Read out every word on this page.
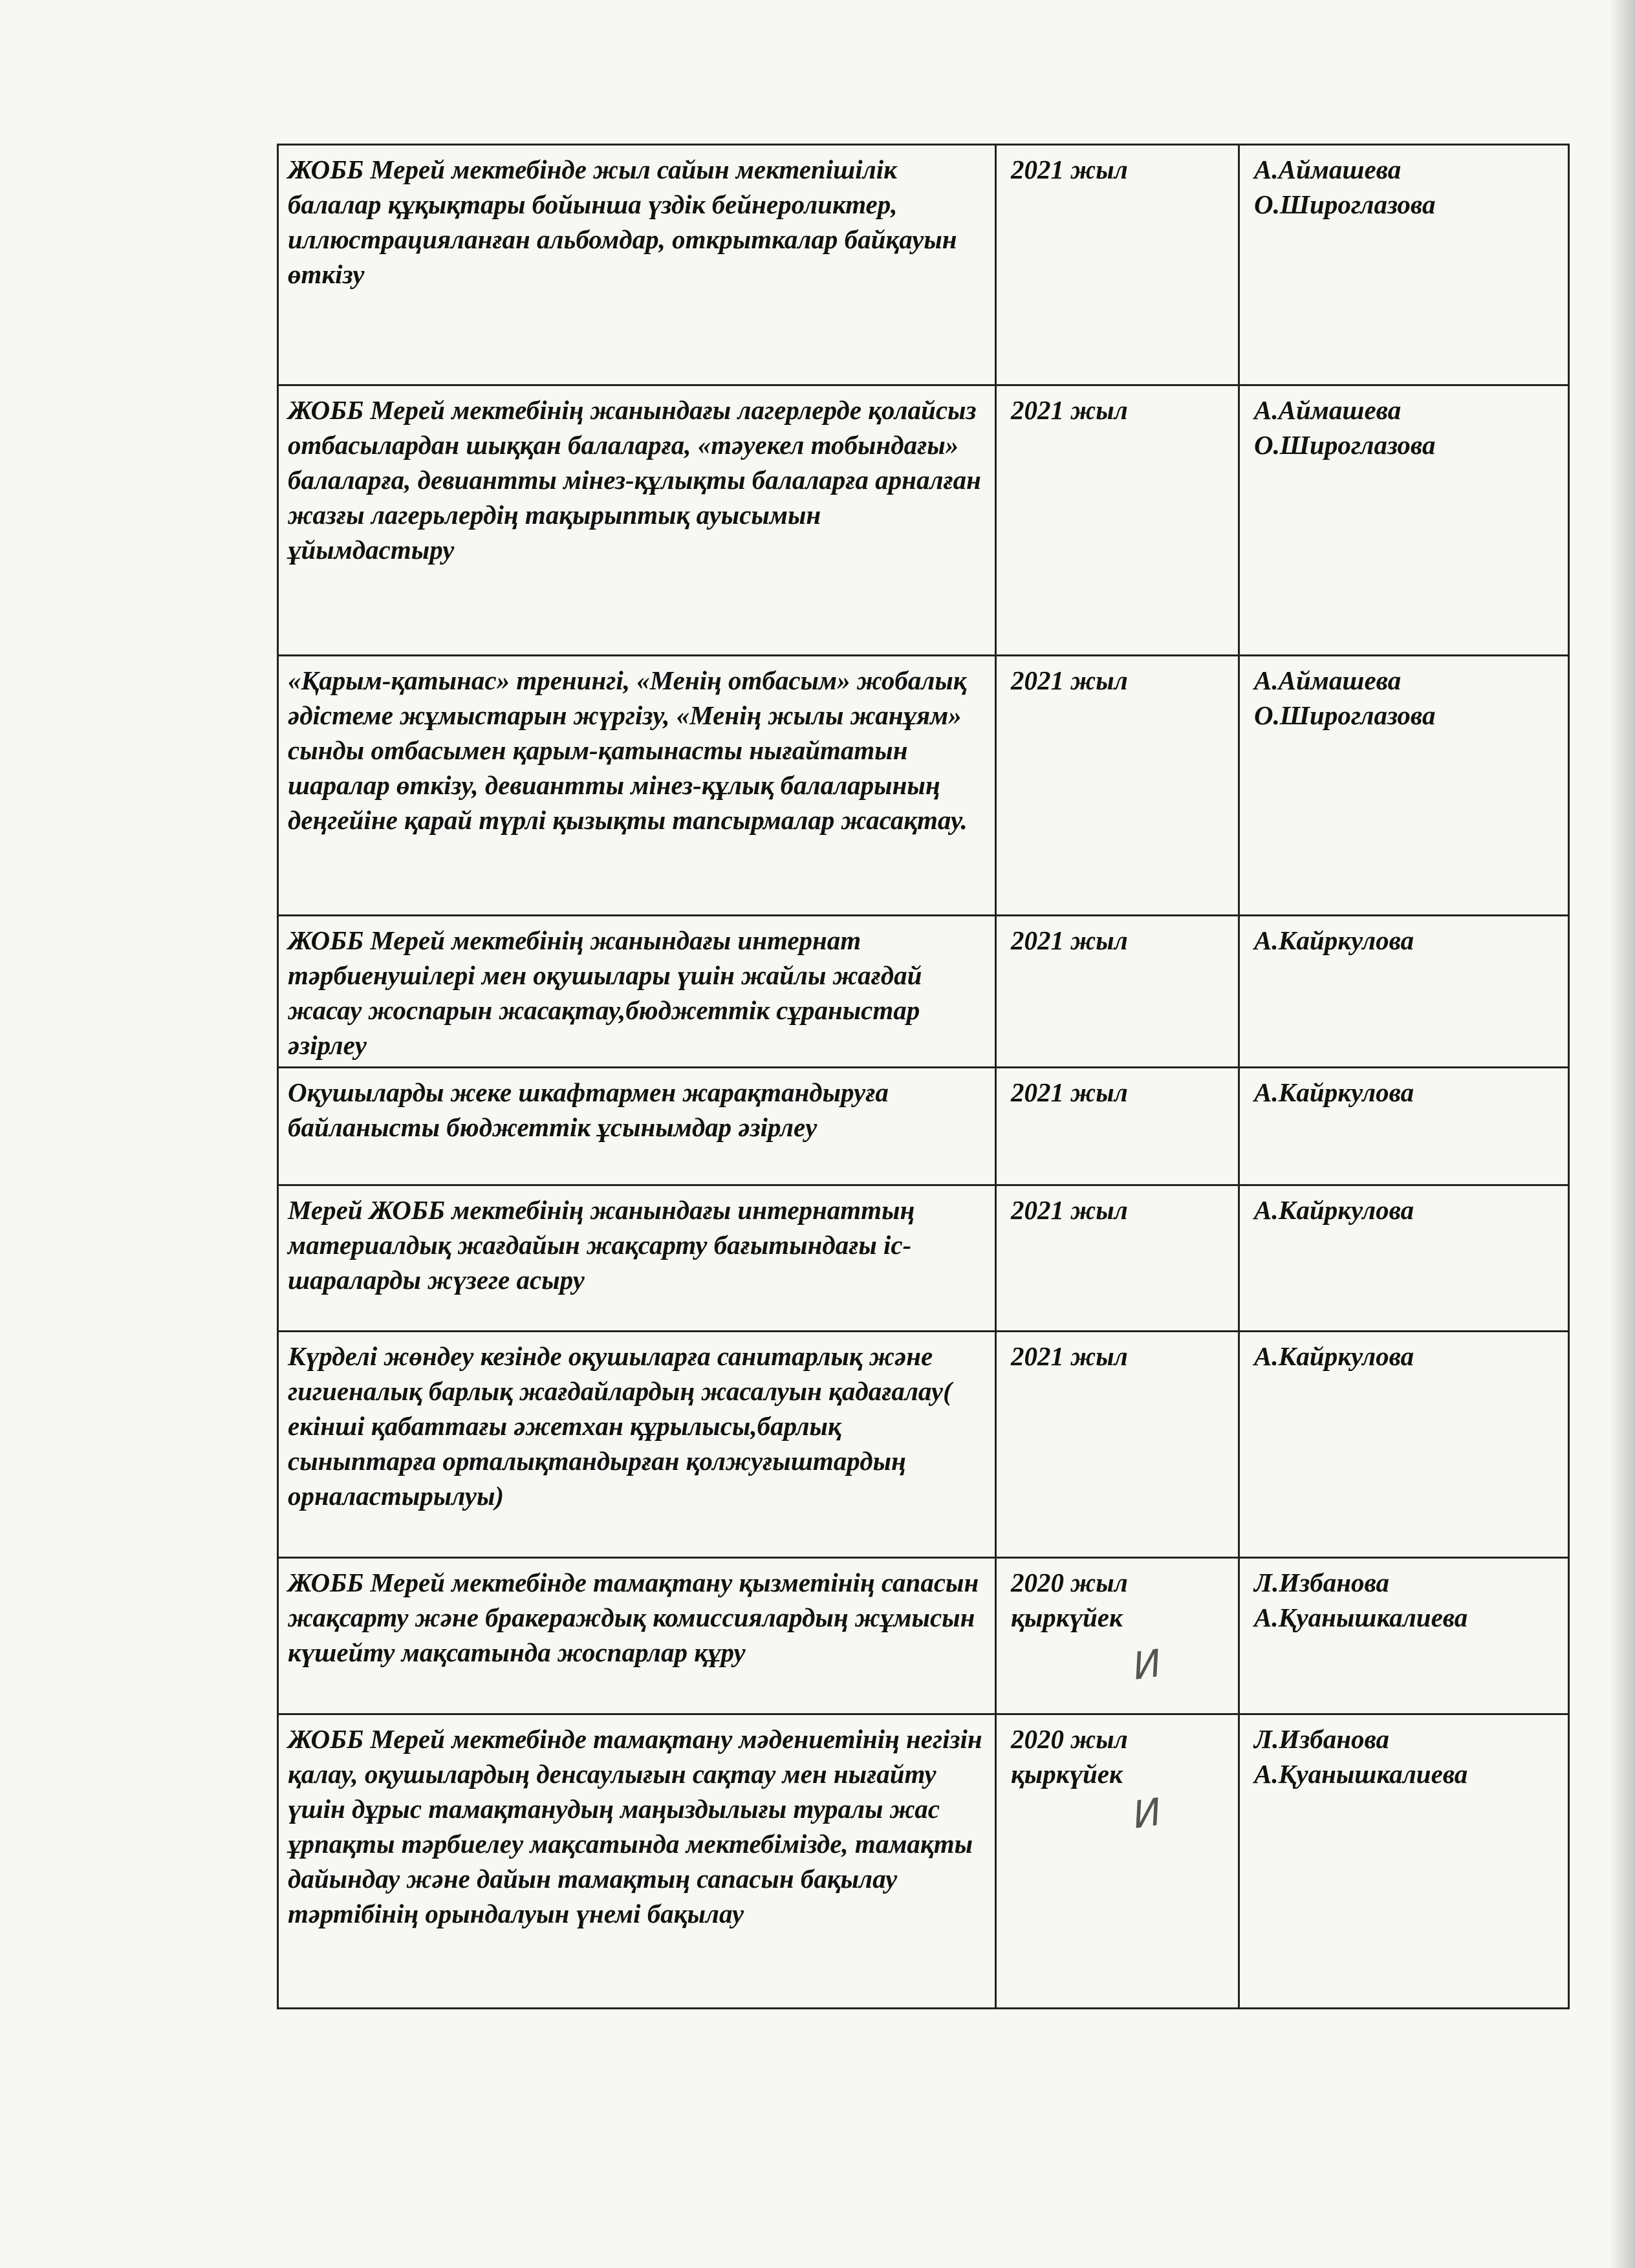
ЖОББ Мерей мектебінде жыл сайын мектепішілік балалар құқықтары бойынша үздік бейнероликтер, иллюстрацияланған альбомдар, открыткалар байқауын өткізу	2021 жыл	А.Аймашева
О.Широглазова

ЖОББ Мерей мектебінің жанындағы лагерлерде қолайсыз отбасылардан шыққан балаларға, «тәуекел тобындағы» балаларға, девиантты мінез-құлықты балаларға арналған жазғы лагерьлердің тақырыптық ауысымын ұйымдастыру	2021 жыл	А.Аймашева
О.Широглазова

«Қарым-қатынас» тренингі, «Менің отбасым» жобалық әдістеме жұмыстарын жүргізу, «Менің жылы жанұям» сынды отбасымен қарым-қатынасты нығайтатын шаралар өткізу, девиантты мінез-құлық балаларының деңгейіне қарай түрлі қызықты тапсырмалар жасақтау.	2021 жыл	А.Аймашева
О.Широглазова

ЖОББ Мерей мектебінің жанындағы интернат тәрбиенушілері мен оқушылары үшін жайлы жағдай жасау жоспарын жасақтау,бюджеттік сұраныстар әзірлеу	2021 жыл	А.Кайркулова

Оқушыларды жеке шкафтармен жарақтандыруға байланысты бюджеттік ұсынымдар әзірлеу	2021 жыл	А.Кайркулова

Мерей ЖОББ мектебінің жанындағы интернаттың материалдық жағдайын жақсарту бағытындағы іс- шараларды жүзеге асыру	2021 жыл	А.Кайркулова

Күрделі жөндеу кезінде оқушыларға санитарлық және гигиеналық барлық жағдайлардың жасалуын қадағалау( екінші қабаттағы әжетхан құрылысы,барлық сыныптарға орталықтандырған қолжуғыштардың орналастырылуы)	2021 жыл	А.Кайркулова

ЖОББ Мерей мектебінде тамақтану қызметінің сапасын жақсарту және бракераждық комиссиялардың жұмысын күшейту мақсатында жоспарлар құру	2020 жыл
қыркүйек	Л.Избанова
А.Қуанышкалиева

ЖОББ Мерей мектебінде тамақтану мәдениетінің негізін қалау, оқушылардың денсаулығын сақтау мен нығайту үшін дұрыс тамақтанудың маңыздылығы туралы жас ұрпақты тәрбиелеу мақсатында мектебімізде, тамақты дайындау және дайын тамақтың сапасын бақылау тәртібінің орындалуын үнемі бақылау	2020 жыл
қыркүйек	Л.Избанова
А.Қуанышкалиева
И
И
